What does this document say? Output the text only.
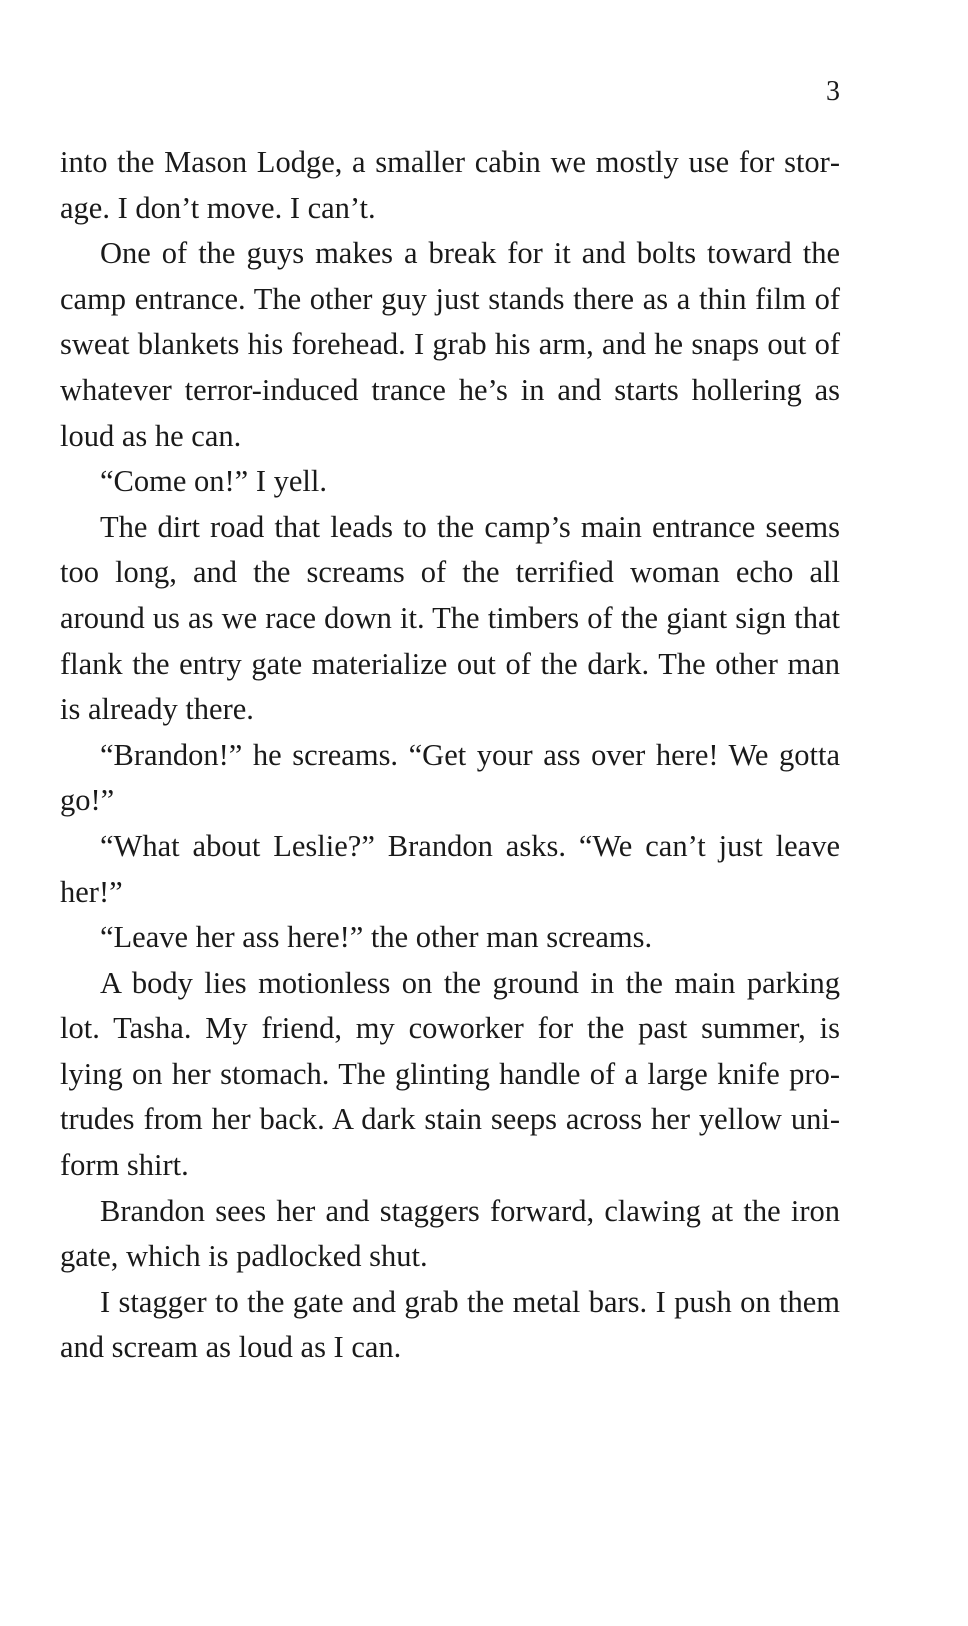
3

into the Mason Lodge, a smaller cabin we mostly use for storage. I don’t move. I can’t.

One of the guys makes a break for it and bolts toward the camp entrance. The other guy just stands there as a thin film of sweat blankets his forehead. I grab his arm, and he snaps out of whatever terror-induced trance he’s in and starts hollering as loud as he can.

“Come on!” I yell.

The dirt road that leads to the camp’s main entrance seems too long, and the screams of the terrified woman echo all around us as we race down it. The timbers of the giant sign that flank the entry gate materialize out of the dark. The other man is already there.

“Brandon!” he screams. “Get your ass over here! We gotta go!”

“What about Leslie?” Brandon asks. “We can’t just leave her!”

“Leave her ass here!” the other man screams.

A body lies motionless on the ground in the main parking lot. Tasha. My friend, my coworker for the past summer, is lying on her stomach. The glinting handle of a large knife protrudes from her back. A dark stain seeps across her yellow uniform shirt.

Brandon sees her and staggers forward, clawing at the iron gate, which is padlocked shut.

I stagger to the gate and grab the metal bars. I push on them and scream as loud as I can.
